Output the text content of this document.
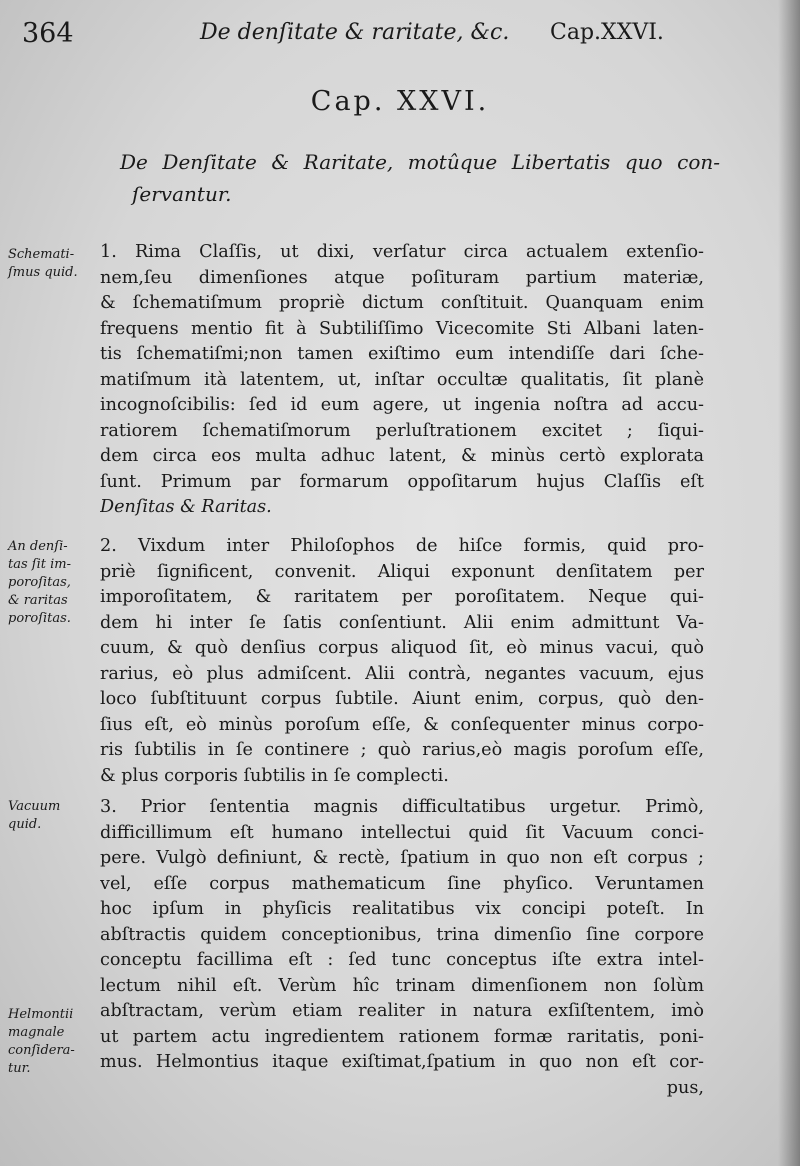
364	De denſitate & raritate, &c. Cap.XXVI.
Cap. XXVI.
De Denſitate & Raritate, motûque Libertatis quo con-
ſervantur.
Schemati-
ſmus quid.
An denſi-
tas ſit im-
poroſitas,
& raritas
poroſitas.
Vacuum
quid.
Helmontii
magnale
conſidera-
tur.
1. Rima Claſſis, ut dixi, verſatur circa actualem extenſio-
nem,ſeu dimenſiones atque poſituram partium materiæ,
& ſchematiſmum propriè dictum conſtituit. Quanquam enim
frequens mentio fit à Subtiliſſimo Vicecomite Sti Albani laten-
tis ſchematiſmi;non tamen exiſtimo eum intendiſſe dari ſche-
matiſmum ità latentem, ut, inſtar occultæ qualitatis, ſit planè
incognoſcibilis: ſed id eum agere, ut ingenia noſtra ad accu-
ratiorem ſchematiſmorum perluſtrationem excitet ; ſiqui-
dem circa eos multa adhuc latent, & minùs certò explorata
ſunt. Primum par formarum oppoſitarum hujus Claſſis eſt
Denſitas & Raritas.
2. Vixdum inter Philoſophos de hiſce formis, quid pro-
priè ſignificent, convenit. Aliqui exponunt denſitatem per
imporoſitatem, & raritatem per poroſitatem. Neque qui-
dem hi inter ſe ſatis conſentiunt. Alii enim admittunt Va-
cuum, & quò denſius corpus aliquod ſit, eò minus vacui, quò
rarius, eò plus admiſcent. Alii contrà, negantes vacuum, ejus
loco ſubſtituunt corpus ſubtile. Aiunt enim, corpus, quò den-
ſius eſt, eò minùs poroſum eſſe, & conſequenter minus corpo-
ris ſubtilis in ſe continere ; quò rarius,eò magis poroſum eſſe,
& plus corporis ſubtilis in ſe complecti.
3. Prior ſententia magnis difficultatibus urgetur. Primò,
difficillimum eſt humano intellectui quid ſit Vacuum conci-
pere. Vulgò definiunt, & rectè, ſpatium in quo non eſt corpus ;
vel, eſſe corpus mathematicum ſine phyſico. Veruntamen
hoc ipſum in phyſicis realitatibus vix concipi poteſt. In
abſtractis quidem conceptionibus, trina dimenſio ſine corpore
conceptu facillima eſt : ſed tunc conceptus iſte extra intel-
lectum nihil eſt. Verùm hîc trinam dimenſionem non ſolùm
abſtractam, verùm etiam realiter in natura exſiſtentem, imò
ut partem actu ingredientem rationem formæ raritatis, poni-
mus. Helmontius itaque exiſtimat,ſpatium in quo non eſt cor-
pus,
